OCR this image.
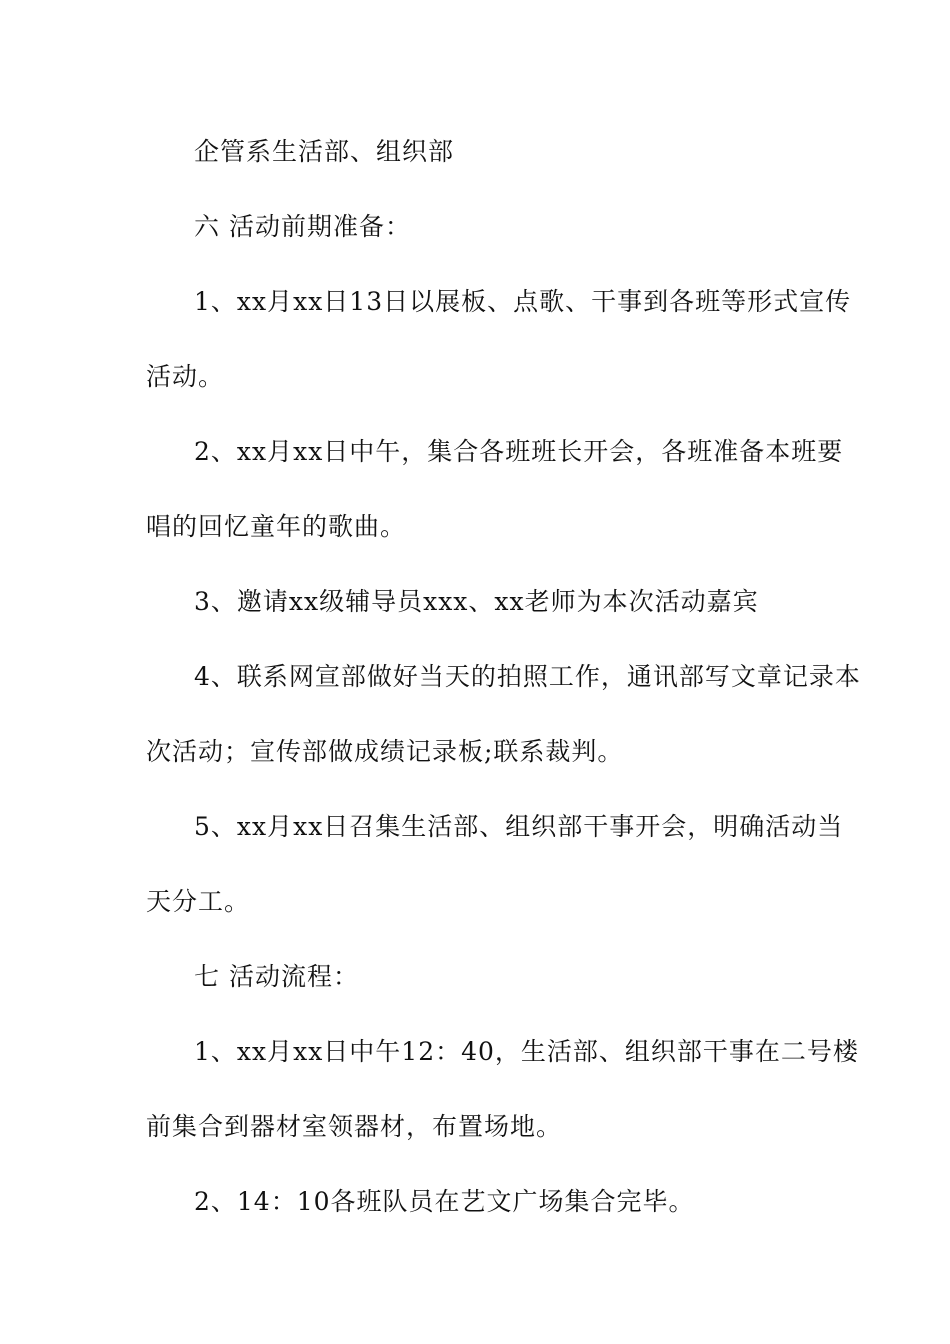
企管系生活部、组织部
六 活动前期准备：
1、xx月xx日13日以展板、点歌、干事到各班等形式宣传
活动。
2、xx月xx日中午，集合各班班长开会，各班准备本班要
唱的回忆童年的歌曲。
3、邀请xx级辅导员xxx、xx老师为本次活动嘉宾
4、联系网宣部做好当天的拍照工作，通讯部写文章记录本
次活动；宣传部做成绩记录板;联系裁判。
5、xx月xx日召集生活部、组织部干事开会，明确活动当
天分工。
七 活动流程：
1、xx月xx日中午12：40，生活部、组织部干事在二号楼
前集合到器材室领器材，布置场地。
2、14：10各班队员在艺文广场集合完毕。
